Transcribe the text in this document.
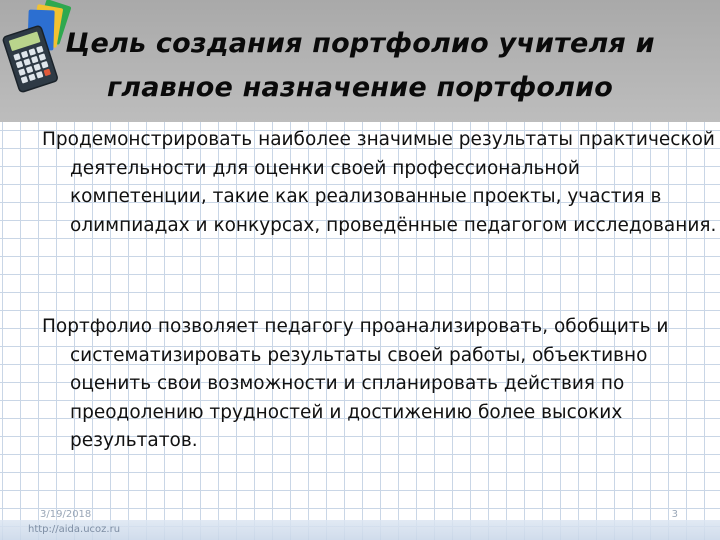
Цель создания портфолио учителя и
главное назначение портфолио
Продемонстрировать наиболее значимые результаты практической деятельности для оценки своей профессиональной компетенции, такие как реализованные проекты, участия в олимпиадах и конкурсах, проведённые педагогом исследования.
Портфолио позволяет педагогу проанализировать, обобщить и систематизировать результаты своей работы, объективно оценить свои возможности и спланировать действия по преодолению трудностей и достижению более высоких результатов.
3/19/2018
http://aida.ucoz.ru
3
